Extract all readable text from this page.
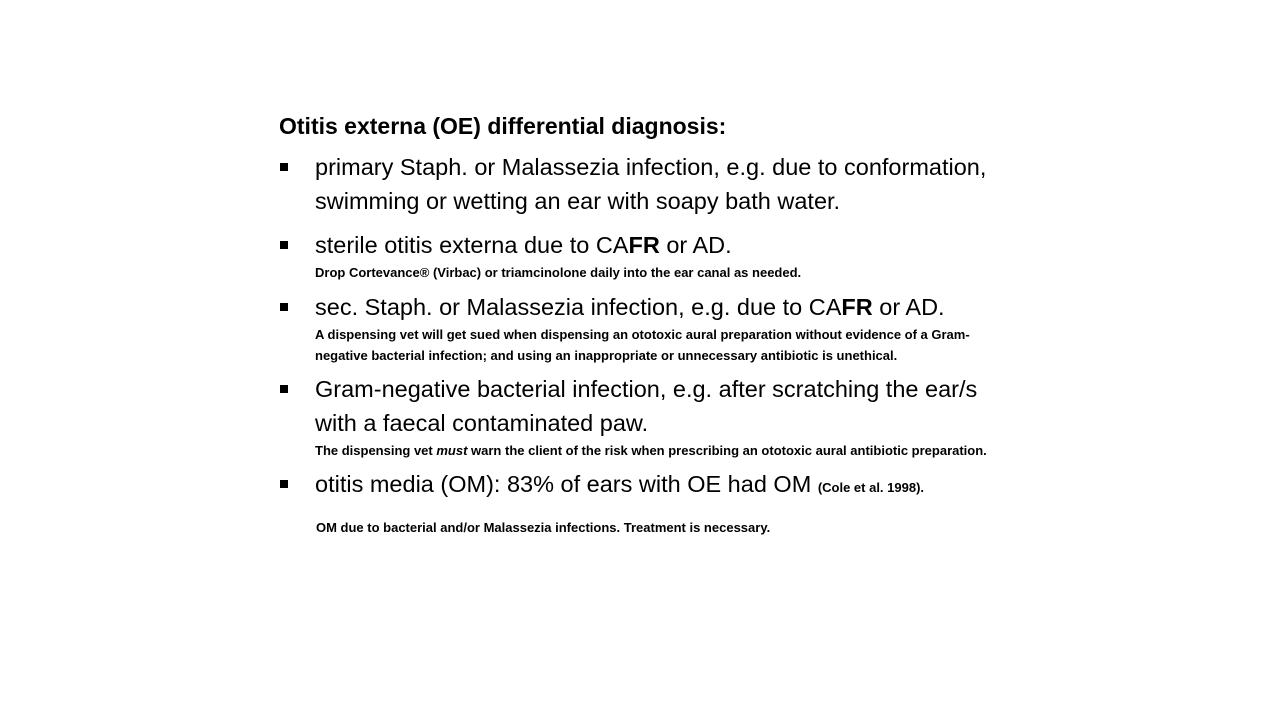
Otitis externa (OE) differential diagnosis:
primary Staph. or Malassezia infection, e.g. due to conformation,
swimming or wetting an ear with soapy bath water.
sterile otitis externa due to CAFR or AD.
Drop Cortevance® (Virbac) or triamcinolone daily into the ear canal as needed.
sec. Staph. or Malassezia infection, e.g. due to CAFR or AD.
A dispensing vet will get sued when dispensing an ototoxic aural preparation without evidence of a Gram-
negative bacterial infection; and using an inappropriate or unnecessary antibiotic is unethical.
Gram-negative bacterial infection, e.g. after scratching the ear/s
with a faecal contaminated paw.
The dispensing vet must warn the client of the risk when prescribing an ototoxic aural antibiotic preparation.
otitis media (OM): 83% of ears with OE had OM (Cole et al. 1998).
OM due to bacterial and/or Malassezia infections. Treatment is necessary.
